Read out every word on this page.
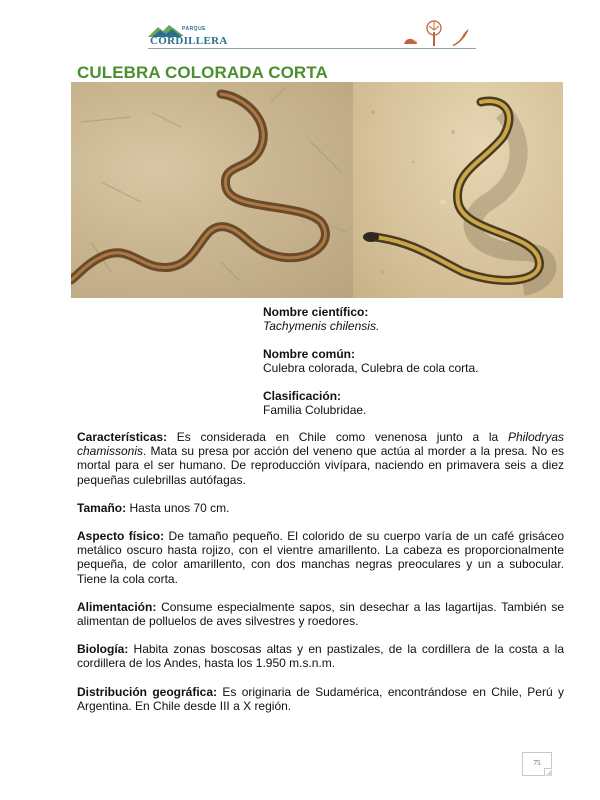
PARQUE
CORDILLERA
CULEBRA COLORADA CORTA
Nombre científico:
Tachymenis chilensis.
Nombre común:
Culebra colorada, Culebra de cola corta.
Clasificación:
Familia Colubridae.

Características: Es considerada en Chile como venenosa junto a la Philodryas chamissonis. Mata su presa por acción del veneno que actúa al morder a la presa. No es mortal para el ser humano. De reproducción vivípara, naciendo en primavera seis a diez pequeñas culebrillas autófagas.

Tamaño: Hasta unos 70 cm.

Aspecto físico: De tamaño pequeño. El colorido de su cuerpo varía de un café grisáceo metálico oscuro hasta rojizo, con el vientre amarillento. La cabeza es proporcionalmente pequeña, de color amarillento, con dos manchas negras preoculares y un a subocular. Tiene la cola corta.

Alimentación: Consume especialmente sapos, sin desechar a las lagartijas. También se alimentan de polluelos de aves silvestres y roedores.

Biología: Habita zonas boscosas altas y en pastizales, de la cordillera de la costa a la cordillera de los Andes, hasta los 1.950 m.s.n.m.

Distribución geográfica: Es originaria de Sudamérica, encontrándose en Chile, Perú y Argentina. En Chile desde III a X región.

75
